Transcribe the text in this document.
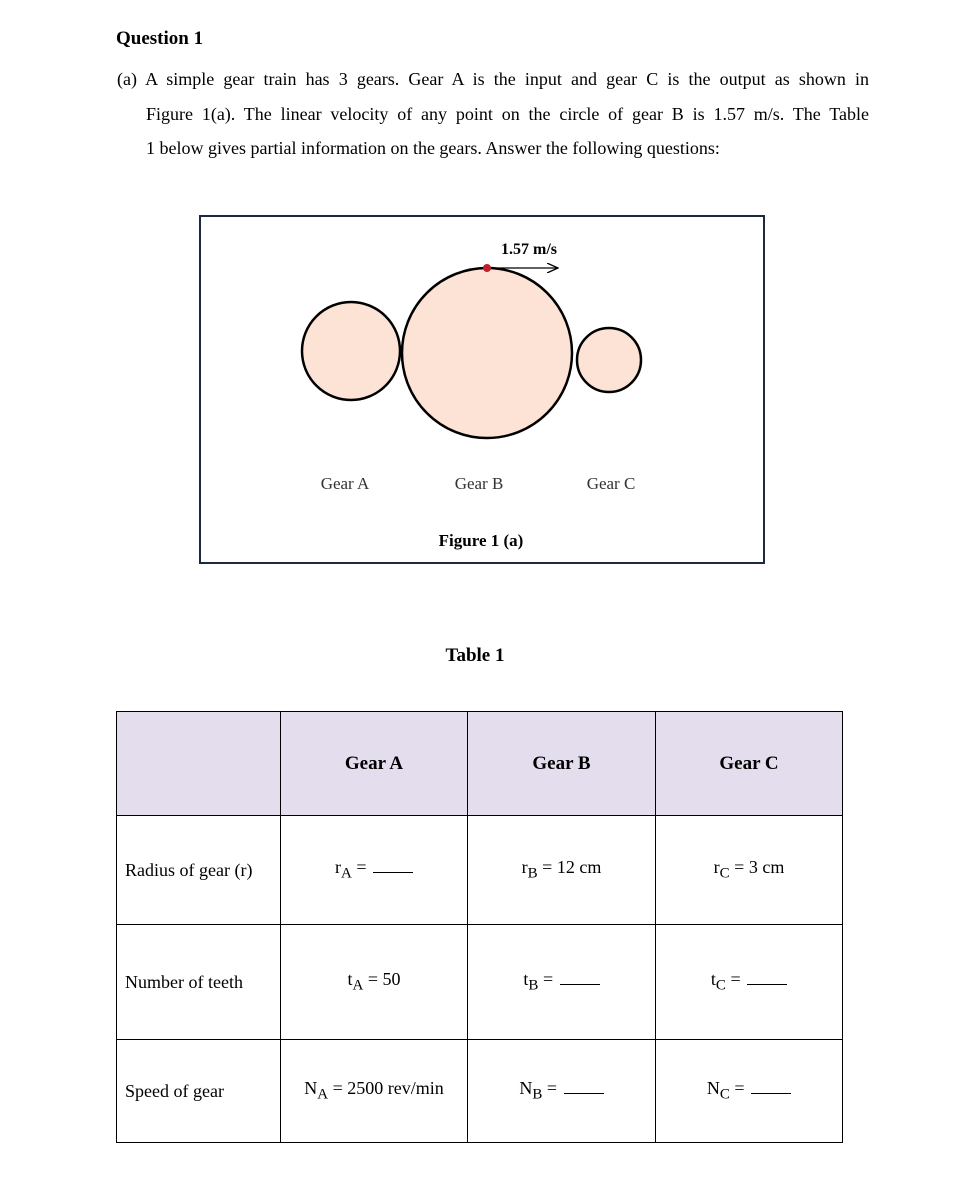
Question 1
(a) A simple gear train has 3 gears. Gear A is the input and gear C is the output as shown in
Figure 1(a). The linear velocity of any point on the circle of gear B is 1.57 m/s. The Table
1 below gives partial information on the gears. Answer the following questions:
1.57 m/s
Gear A	Gear B	Gear C
Figure 1 (a)
Table 1
	Gear A	Gear B	Gear C
Radius of gear (r)	$r_A$ =	$r_B = 12$ cm	$r_C = 3$ cm
Number of teeth	$t_A = 50$	$t_B$ =	$t_C$ =
Speed of gear	$N_A = 2500$ rev/min	$N_B$ =	$N_C$ =
